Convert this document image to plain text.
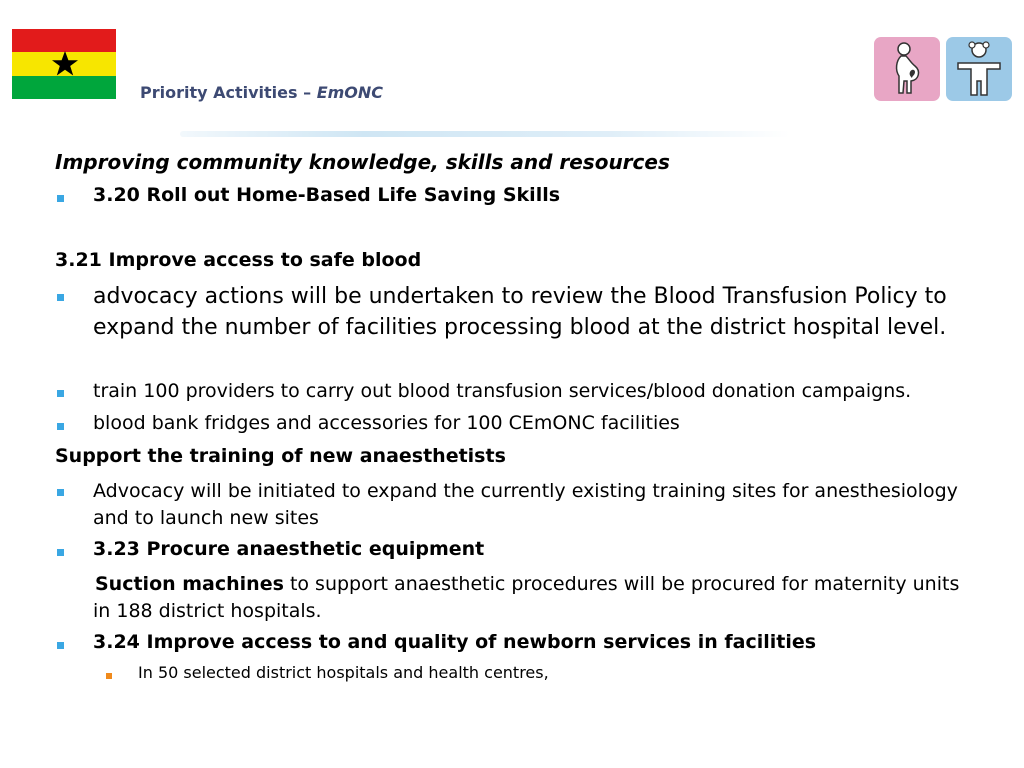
Priority Activities – EmONC
Improving community knowledge, skills and resources
3.20 Roll out Home-Based Life Saving Skills
3.21 Improve access to safe blood
advocacy actions will be undertaken to review the Blood Transfusion Policy to expand the number of facilities processing blood at the district hospital level.
train 100 providers to carry out blood transfusion services/blood donation campaigns.
blood bank fridges and accessories for 100 CEmONC facilities
Support the training of new anaesthetists
Advocacy will be initiated to expand the currently existing training sites for anesthesiology and to launch new sites
3.23 Procure anaesthetic equipment
Suction machines to support anaesthetic procedures will be procured for maternity units in 188 district hospitals.
3.24 Improve access to and quality of newborn services in facilities
In 50 selected district hospitals and health centres,
